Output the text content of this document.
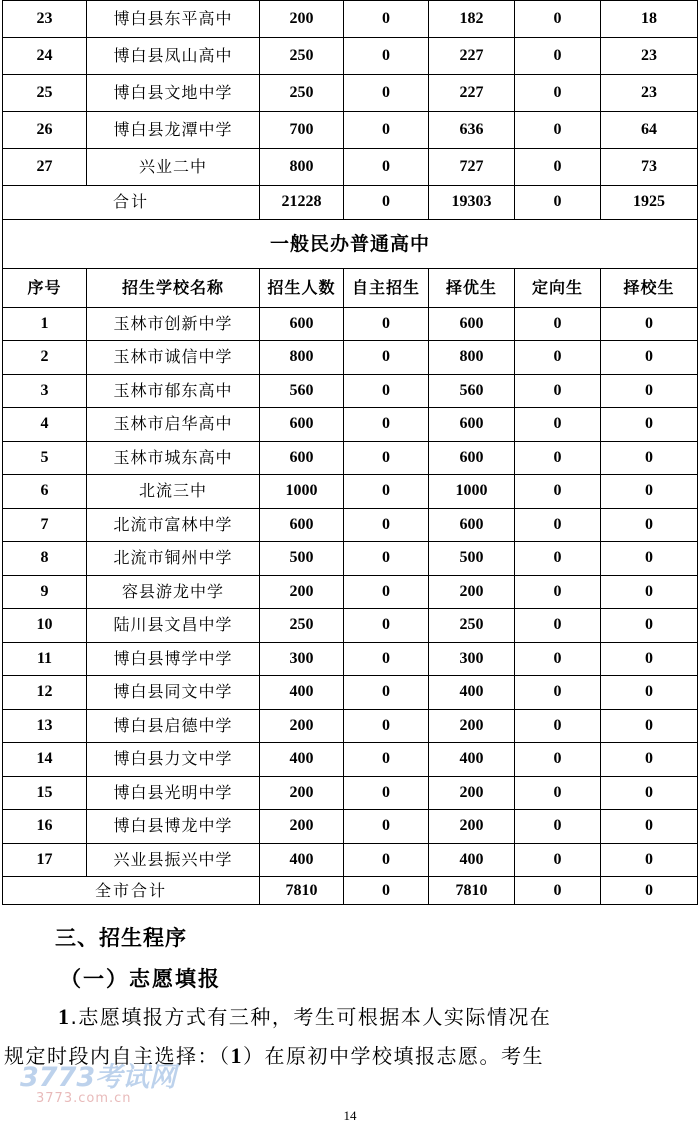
23	博白县东平高中	200	0	182	0	18
24	博白县凤山高中	250	0	227	0	23
25	博白县文地中学	250	0	227	0	23
26	博白县龙潭中学	700	0	636	0	64
27	兴业二中	800	0	727	0	73
合计		21228	0	19303	0	1925
一般民办普通高中						
序号	招生学校名称	招生人数	自主招生	择优生	定向生	择校生
1	玉林市创新中学	600	0	600	0	0
2	玉林市诚信中学	800	0	800	0	0
3	玉林市郁东高中	560	0	560	0	0
4	玉林市启华高中	600	0	600	0	0
5	玉林市城东高中	600	0	600	0	0
6	北流三中	1000	0	1000	0	0
7	北流市富林中学	600	0	600	0	0
8	北流市铜州中学	500	0	500	0	0
9	容县游龙中学	200	0	200	0	0
10	陆川县文昌中学	250	0	250	0	0
11	博白县博学中学	300	0	300	0	0
12	博白县同文中学	400	0	400	0	0
13	博白县启德中学	200	0	200	0	0
14	博白县力文中学	400	0	400	0	0
15	博白县光明中学	200	0	200	0	0
16	博白县博龙中学	200	0	200	0	0
17	兴业县振兴中学	400	0	400	0	0
全市合计		7810	0	7810	0	0
三、招生程序
（一）志愿填报
1.志愿填报方式有三种，考生可根据本人实际情况在
规定时段内自主选择：（1）在原初中学校填报志愿。考生
3773考试网
3773.com.cn
14
